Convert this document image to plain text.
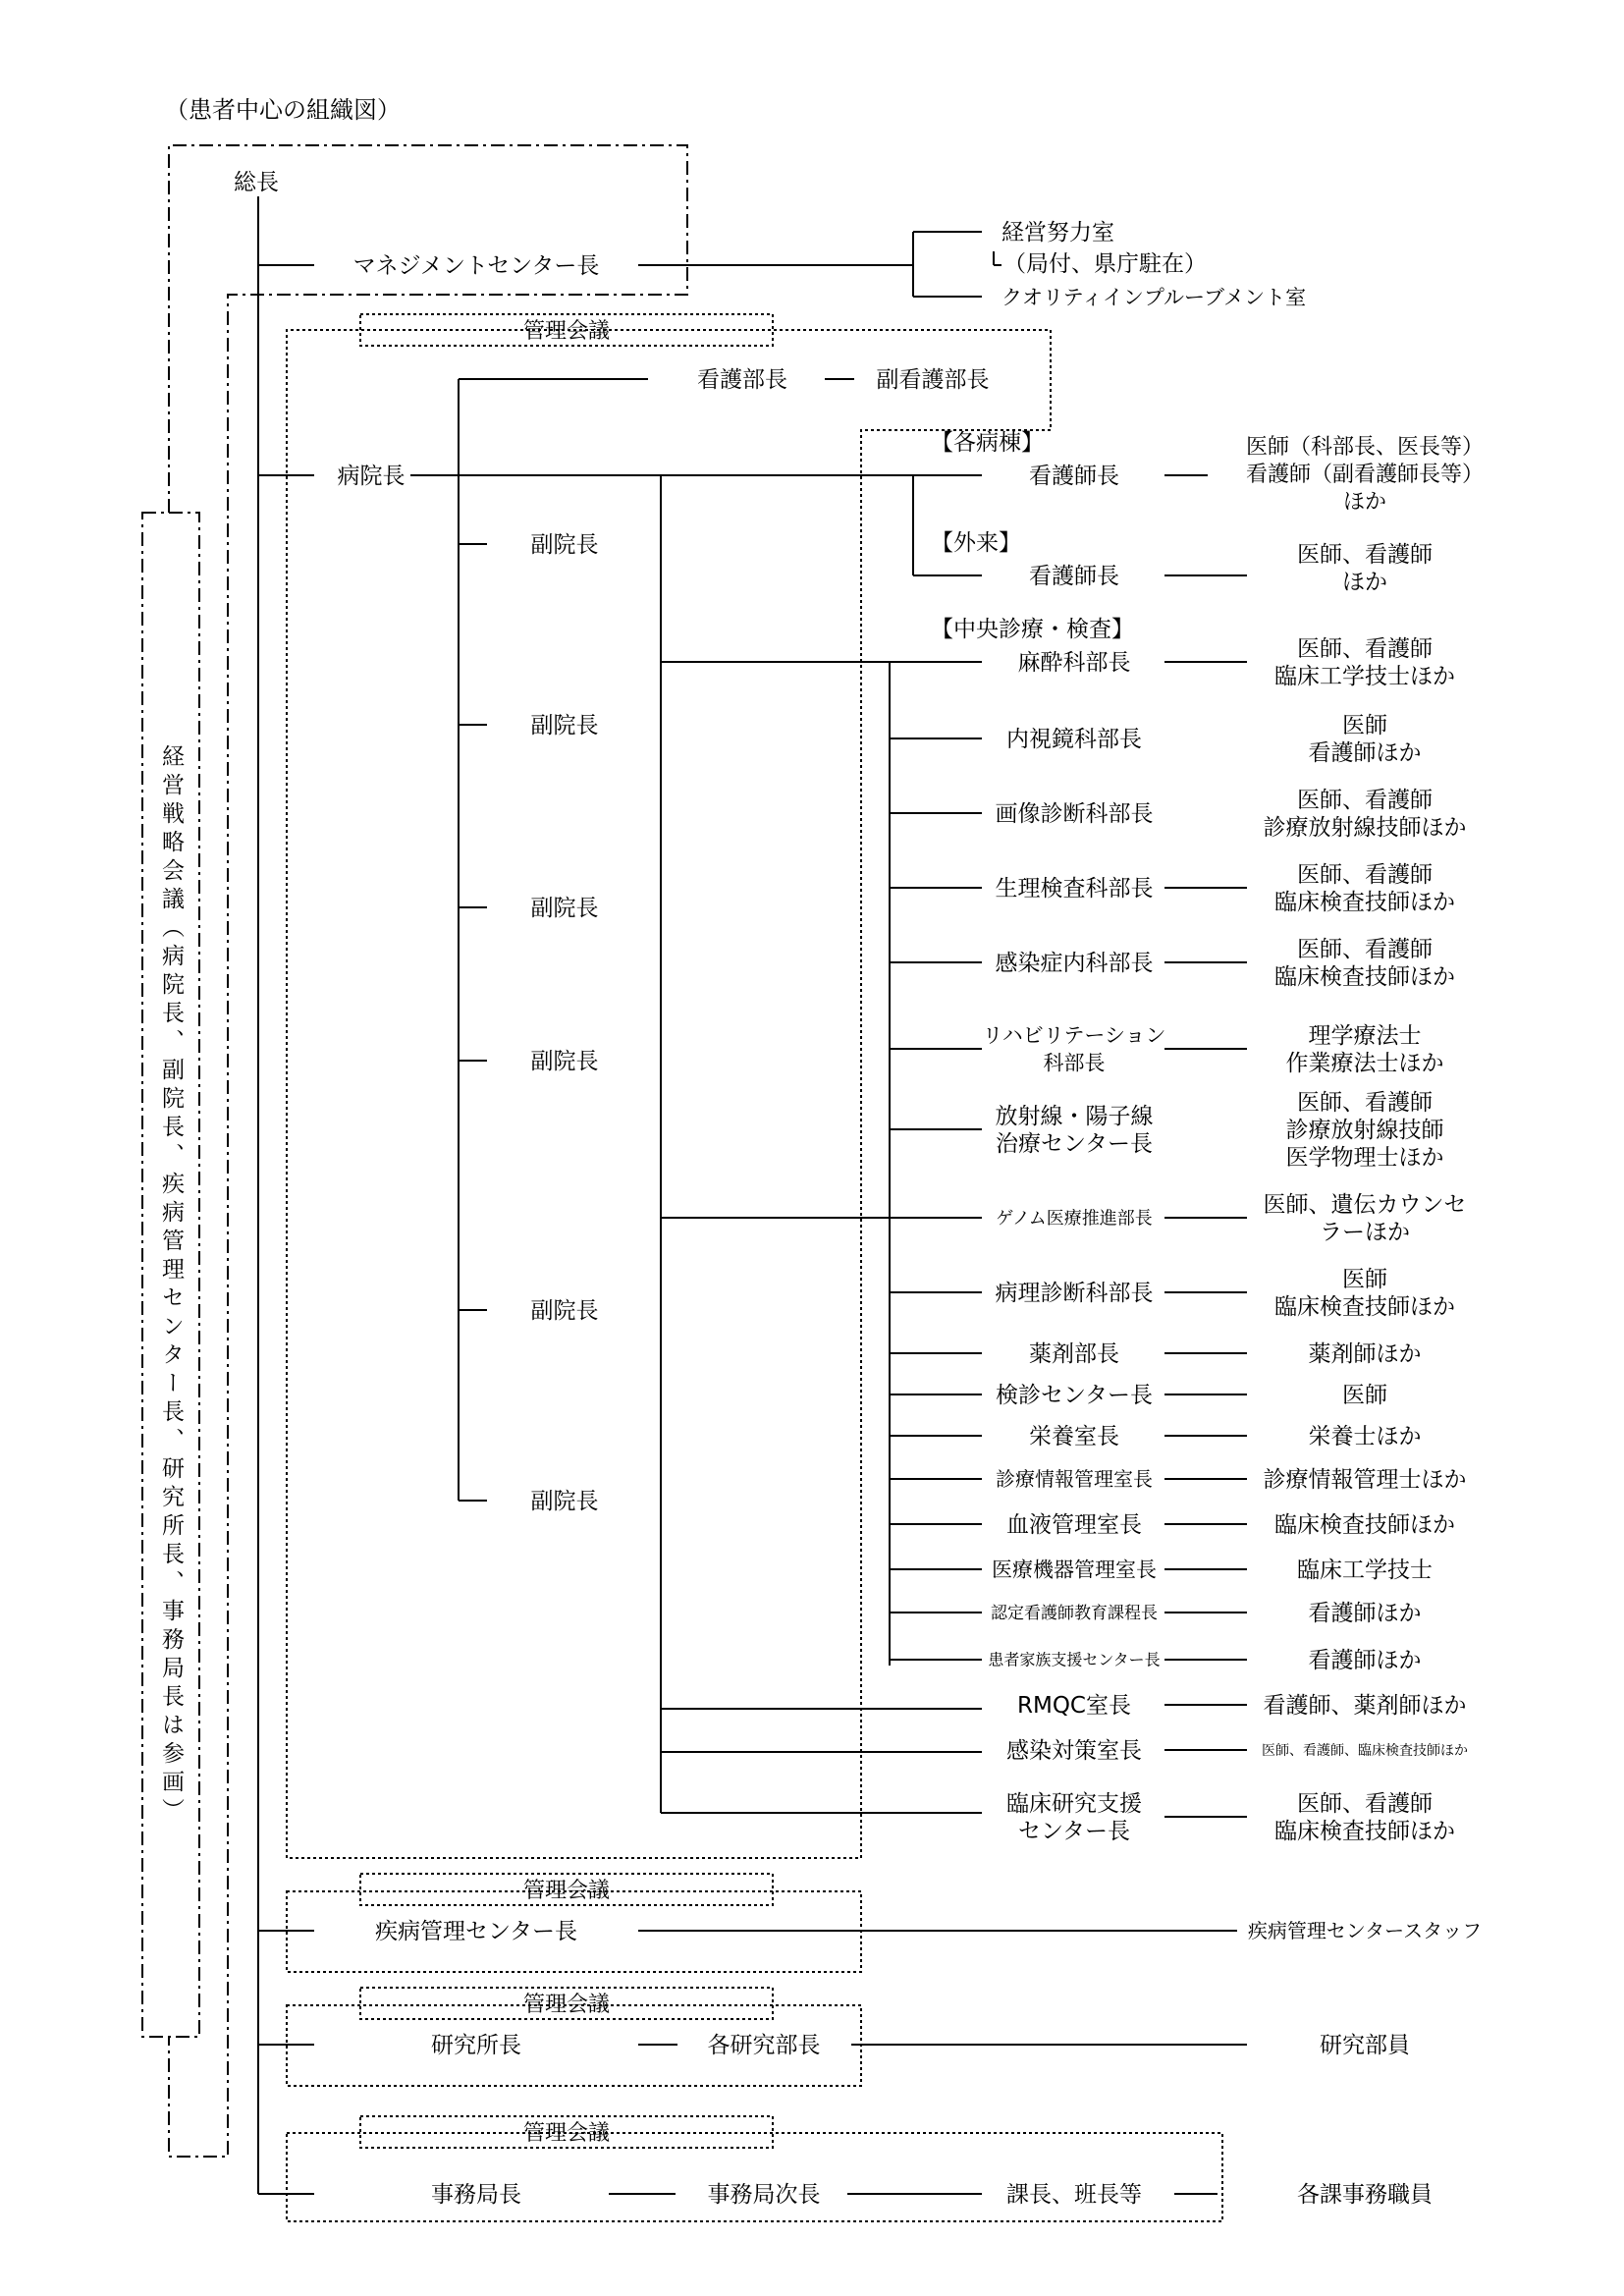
（患者中心の組織図）
経営戦略会議（病院長、副院長、疾病管理センター長、研究所長、事務局長は参画）
管理会議
管理会議
管理会議
管理会議
総長
マネジメントセンター長
経営努力室
（局付、県庁駐在）
クオリティインプルーブメント室
病院長
看護部長	副看護部長
副院長
副院長
副院長
副院長
副院長
副院長
【各病棟】
看護師長
医師（科部長、医長等）
看護師（副看護師長等）
ほか
【外来】
看護師長
医師、看護師
ほか
【中央診療・検査】
麻酔科部長
医師、看護師
臨床工学技士ほか
内視鏡科部長
医師
看護師ほか
画像診断科部長
医師、看護師
診療放射線技師ほか
生理検査科部長
医師、看護師
臨床検査技師ほか
感染症内科部長
医師、看護師
臨床検査技師ほか
リハビリテーション
科部長
理学療法士
作業療法士ほか
放射線・陽子線
治療センター長
医師、看護師
診療放射線技師
医学物理士ほか
ゲノム医療推進部長
医師、遺伝カウンセ
ラーほか
病理診断科部長
医師
臨床検査技師ほか
薬剤部長	薬剤師ほか
検診センター長	医師
栄養室長	栄養士ほか
診療情報管理室長	診療情報管理士ほか
血液管理室長	臨床検査技師ほか
医療機器管理室長	臨床工学技士
認定看護師教育課程長	看護師ほか
患者家族支援センター長	看護師ほか
RMQC室長	看護師、薬剤師ほか
感染対策室長	医師、看護師、臨床検査技師ほか
臨床研究支援
センター長
医師、看護師
臨床検査技師ほか
疾病管理センター長	疾病管理センタースタッフ
研究所長	各研究部長	研究部員
事務局長	事務局次長	課長、班長等	各課事務職員
